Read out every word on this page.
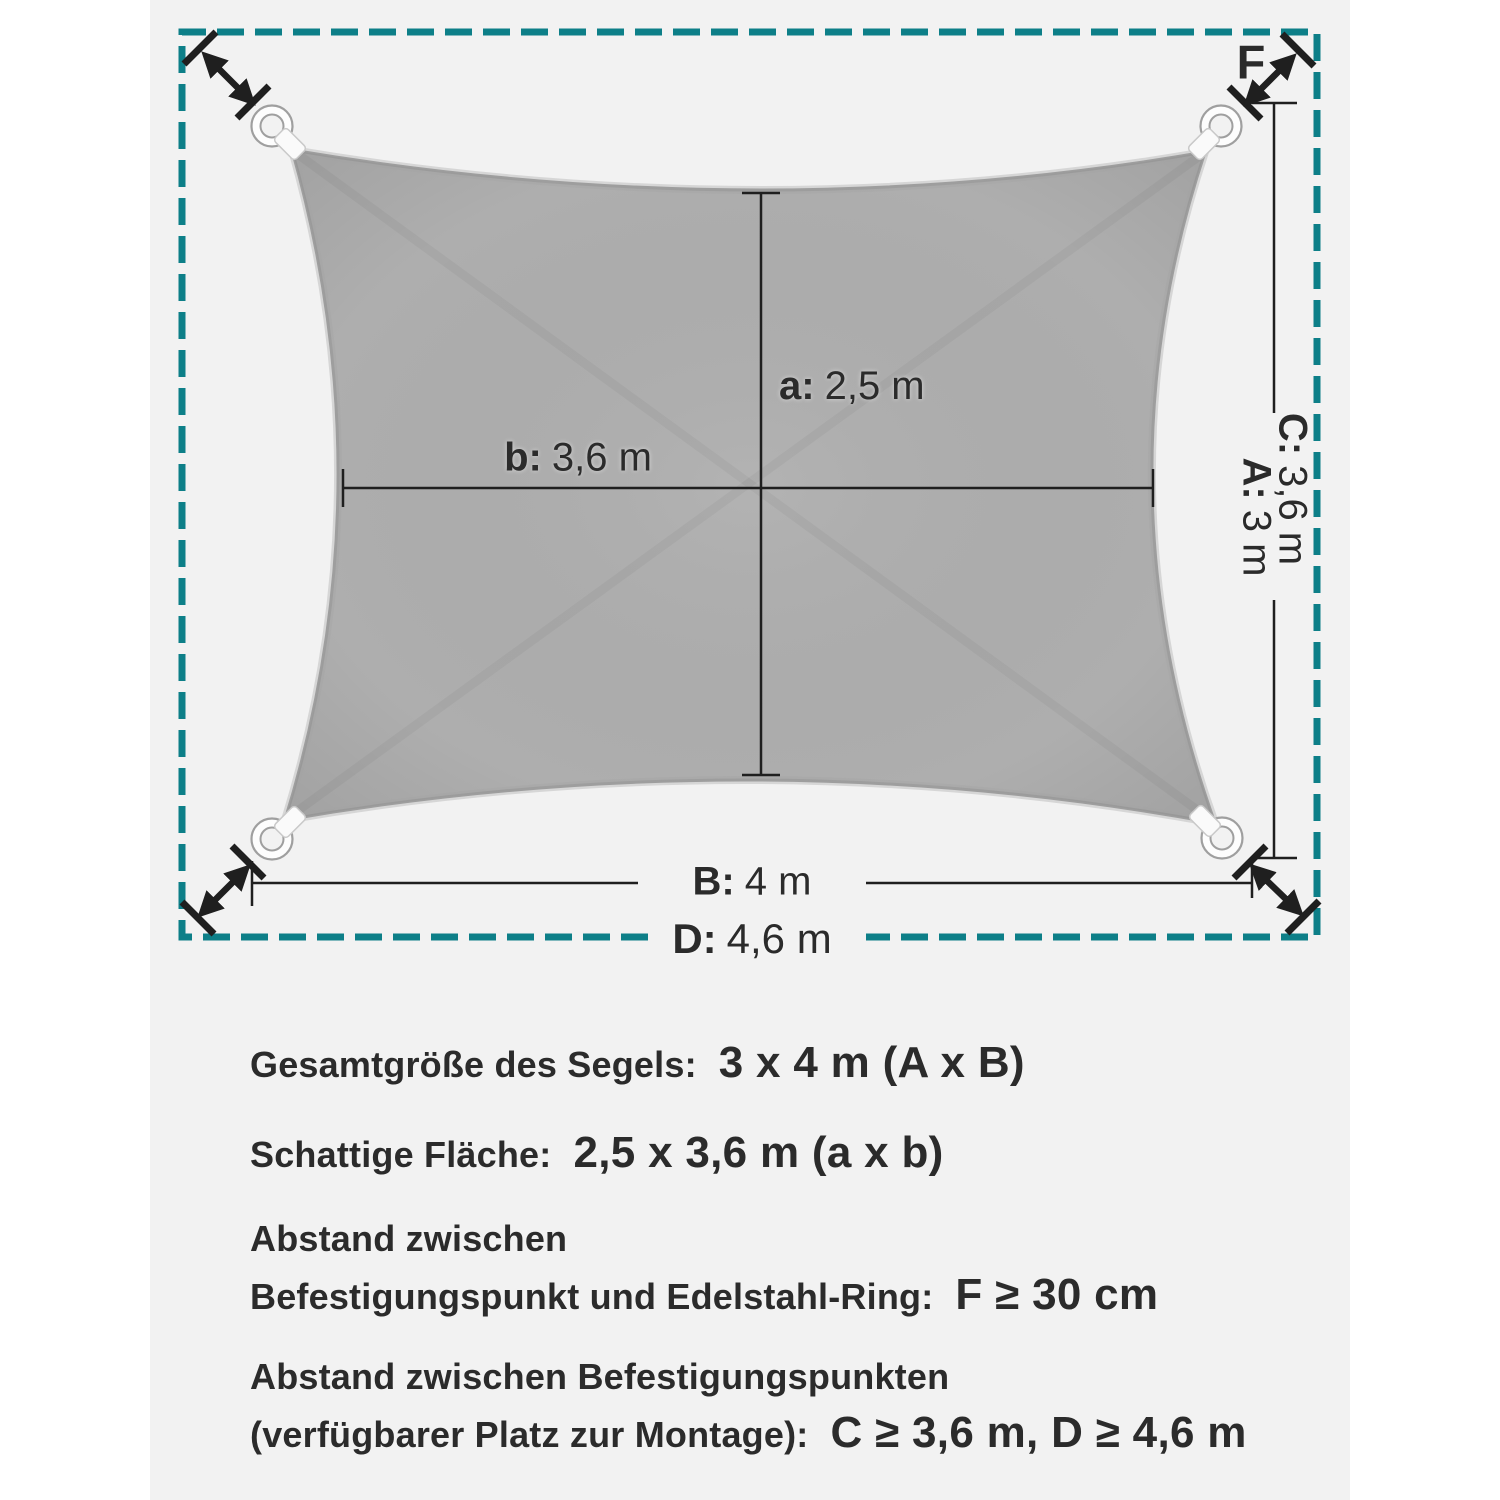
a: 2,5 m
b: 3,6 m
B: 4 m
D: 4,6 m
C:3,6 m
A:3 m
F
Gesamtgröße des Segels: 3 x 4 m (A x B)
Schattige Fläche: 2,5 x 3,6 m (a x b)
Abstand zwischen
Befestigungspunkt und Edelstahl-Ring: F ≥ 30 cm
Abstand zwischen Befestigungspunkten
(verfügbarer Platz zur Montage): C ≥ 3,6 m, D ≥ 4,6 m
